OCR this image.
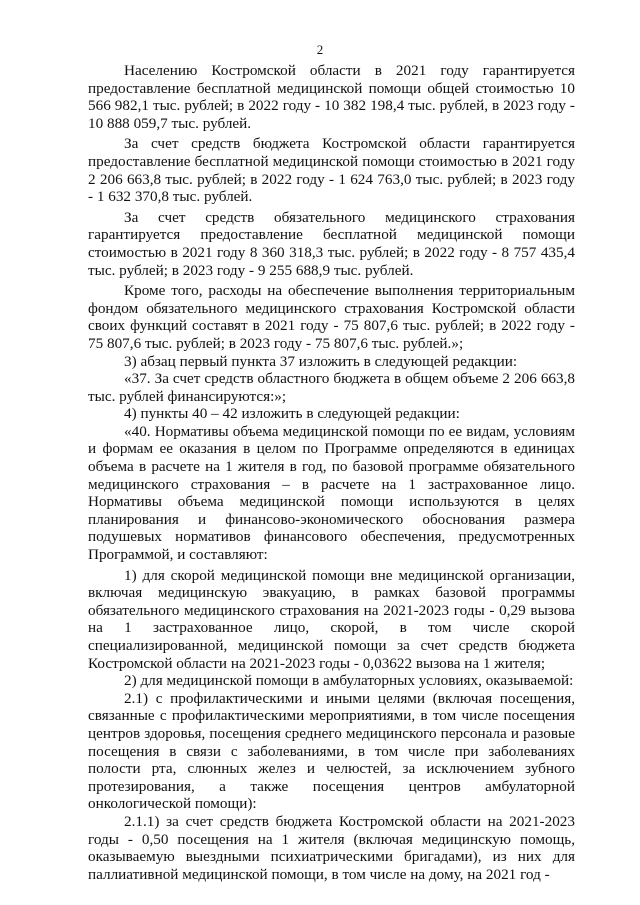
2

Населению Костромской области в 2021 году гарантируется предоставление бесплатной медицинской помощи общей стоимостью 10 566 982,1 тыс. рублей; в 2022 году - 10 382 198,4 тыс. рублей, в 2023 году - 10 888 059,7 тыс. рублей.

За счет средств бюджета Костромской области гарантируется предоставление бесплатной медицинской помощи стоимостью в 2021 году 2 206 663,8 тыс. рублей; в 2022 году - 1 624 763,0 тыс. рублей; в 2023 году - 1 632 370,8 тыс. рублей.

За счет средств обязательного медицинского страхования гарантируется предоставление бесплатной медицинской помощи стоимостью в 2021 году 8 360 318,3 тыс. рублей; в 2022 году - 8 757 435,4 тыс. рублей; в 2023 году - 9 255 688,9 тыс. рублей.

Кроме того, расходы на обеспечение выполнения территориальным фондом обязательного медицинского страхования Костромской области своих функций составят в 2021 году - 75 807,6 тыс. рублей; в 2022 году - 75 807,6 тыс. рублей; в 2023 году - 75 807,6 тыс. рублей.»;

3) абзац первый пункта 37 изложить в следующей редакции:

«37. За счет средств областного бюджета в общем объеме 2 206 663,8 тыс. рублей финансируются:»;

4) пункты 40 – 42 изложить в следующей редакции:

«40. Нормативы объема медицинской помощи по ее видам, условиям и формам ее оказания в целом по Программе определяются в единицах объема в расчете на 1 жителя в год, по базовой программе обязательного медицинского страхования – в расчете на 1 застрахованное лицо. Нормативы объема медицинской помощи используются в целях планирования и финансово-экономического обоснования размера подушевых нормативов финансового обеспечения, предусмотренных Программой, и составляют:

1) для скорой медицинской помощи вне медицинской организации, включая медицинскую эвакуацию, в рамках базовой программы обязательного медицинского страхования на 2021-2023 годы - 0,29 вызова на 1 застрахованное лицо, скорой, в том числе скорой специализированной, медицинской помощи за счет средств бюджета Костромской области на 2021-2023 годы - 0,03622 вызова на 1 жителя;

2) для медицинской помощи в амбулаторных условиях, оказываемой:

2.1) с профилактическими и иными целями (включая посещения, связанные с профилактическими мероприятиями, в том числе посещения центров здоровья, посещения среднего медицинского персонала и разовые посещения в связи с заболеваниями, в том числе при заболеваниях полости рта, слюнных желез и челюстей, за исключением зубного протезирования, а также посещения центров амбулаторной онкологической помощи):

2.1.1) за счет средств бюджета Костромской области на 2021-2023 годы - 0,50 посещения на 1 жителя (включая медицинскую помощь, оказываемую выездными психиатрическими бригадами), из них для паллиативной медицинской помощи, в том числе на дому, на 2021 год -
